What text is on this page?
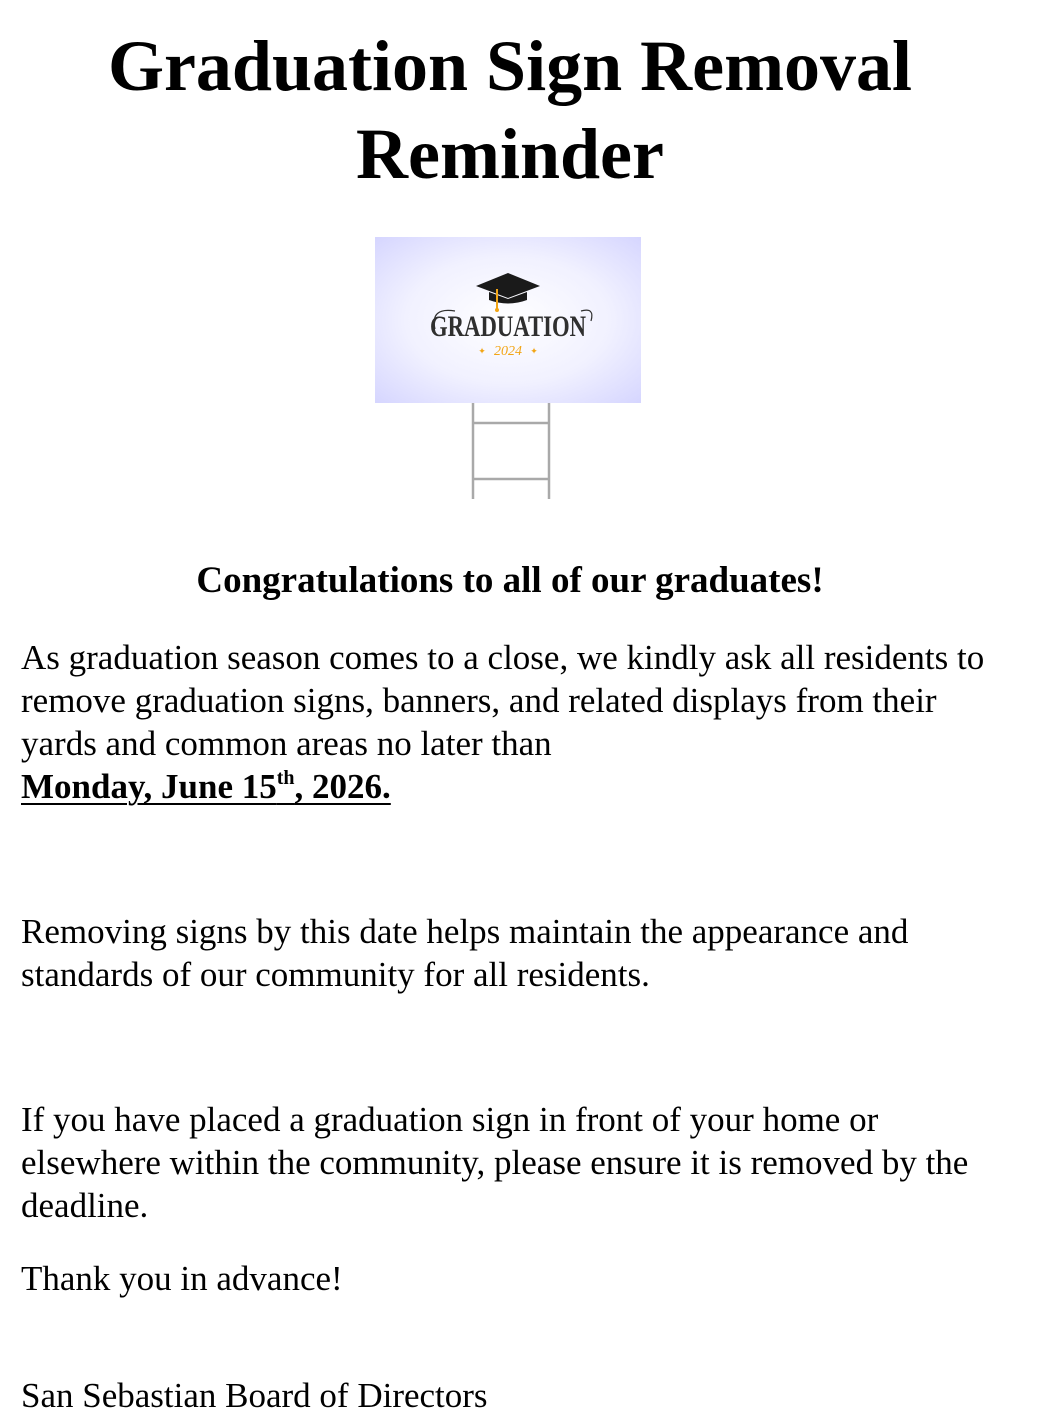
Graduation Sign Removal
Reminder
GRADUATION
✦ 2024 ✦
Congratulations to all of our graduates!

As graduation season comes to a close, we kindly ask all residents to remove graduation signs, banners, and related displays from their yards and common areas no later than
Monday, June 15th, 2026.

Removing signs by this date helps maintain the appearance and standards of our community for all residents.

If you have placed a graduation sign in front of your home or elsewhere within the community, please ensure it is removed by the deadline.

Thank you in advance!

San Sebastian Board of Directors
